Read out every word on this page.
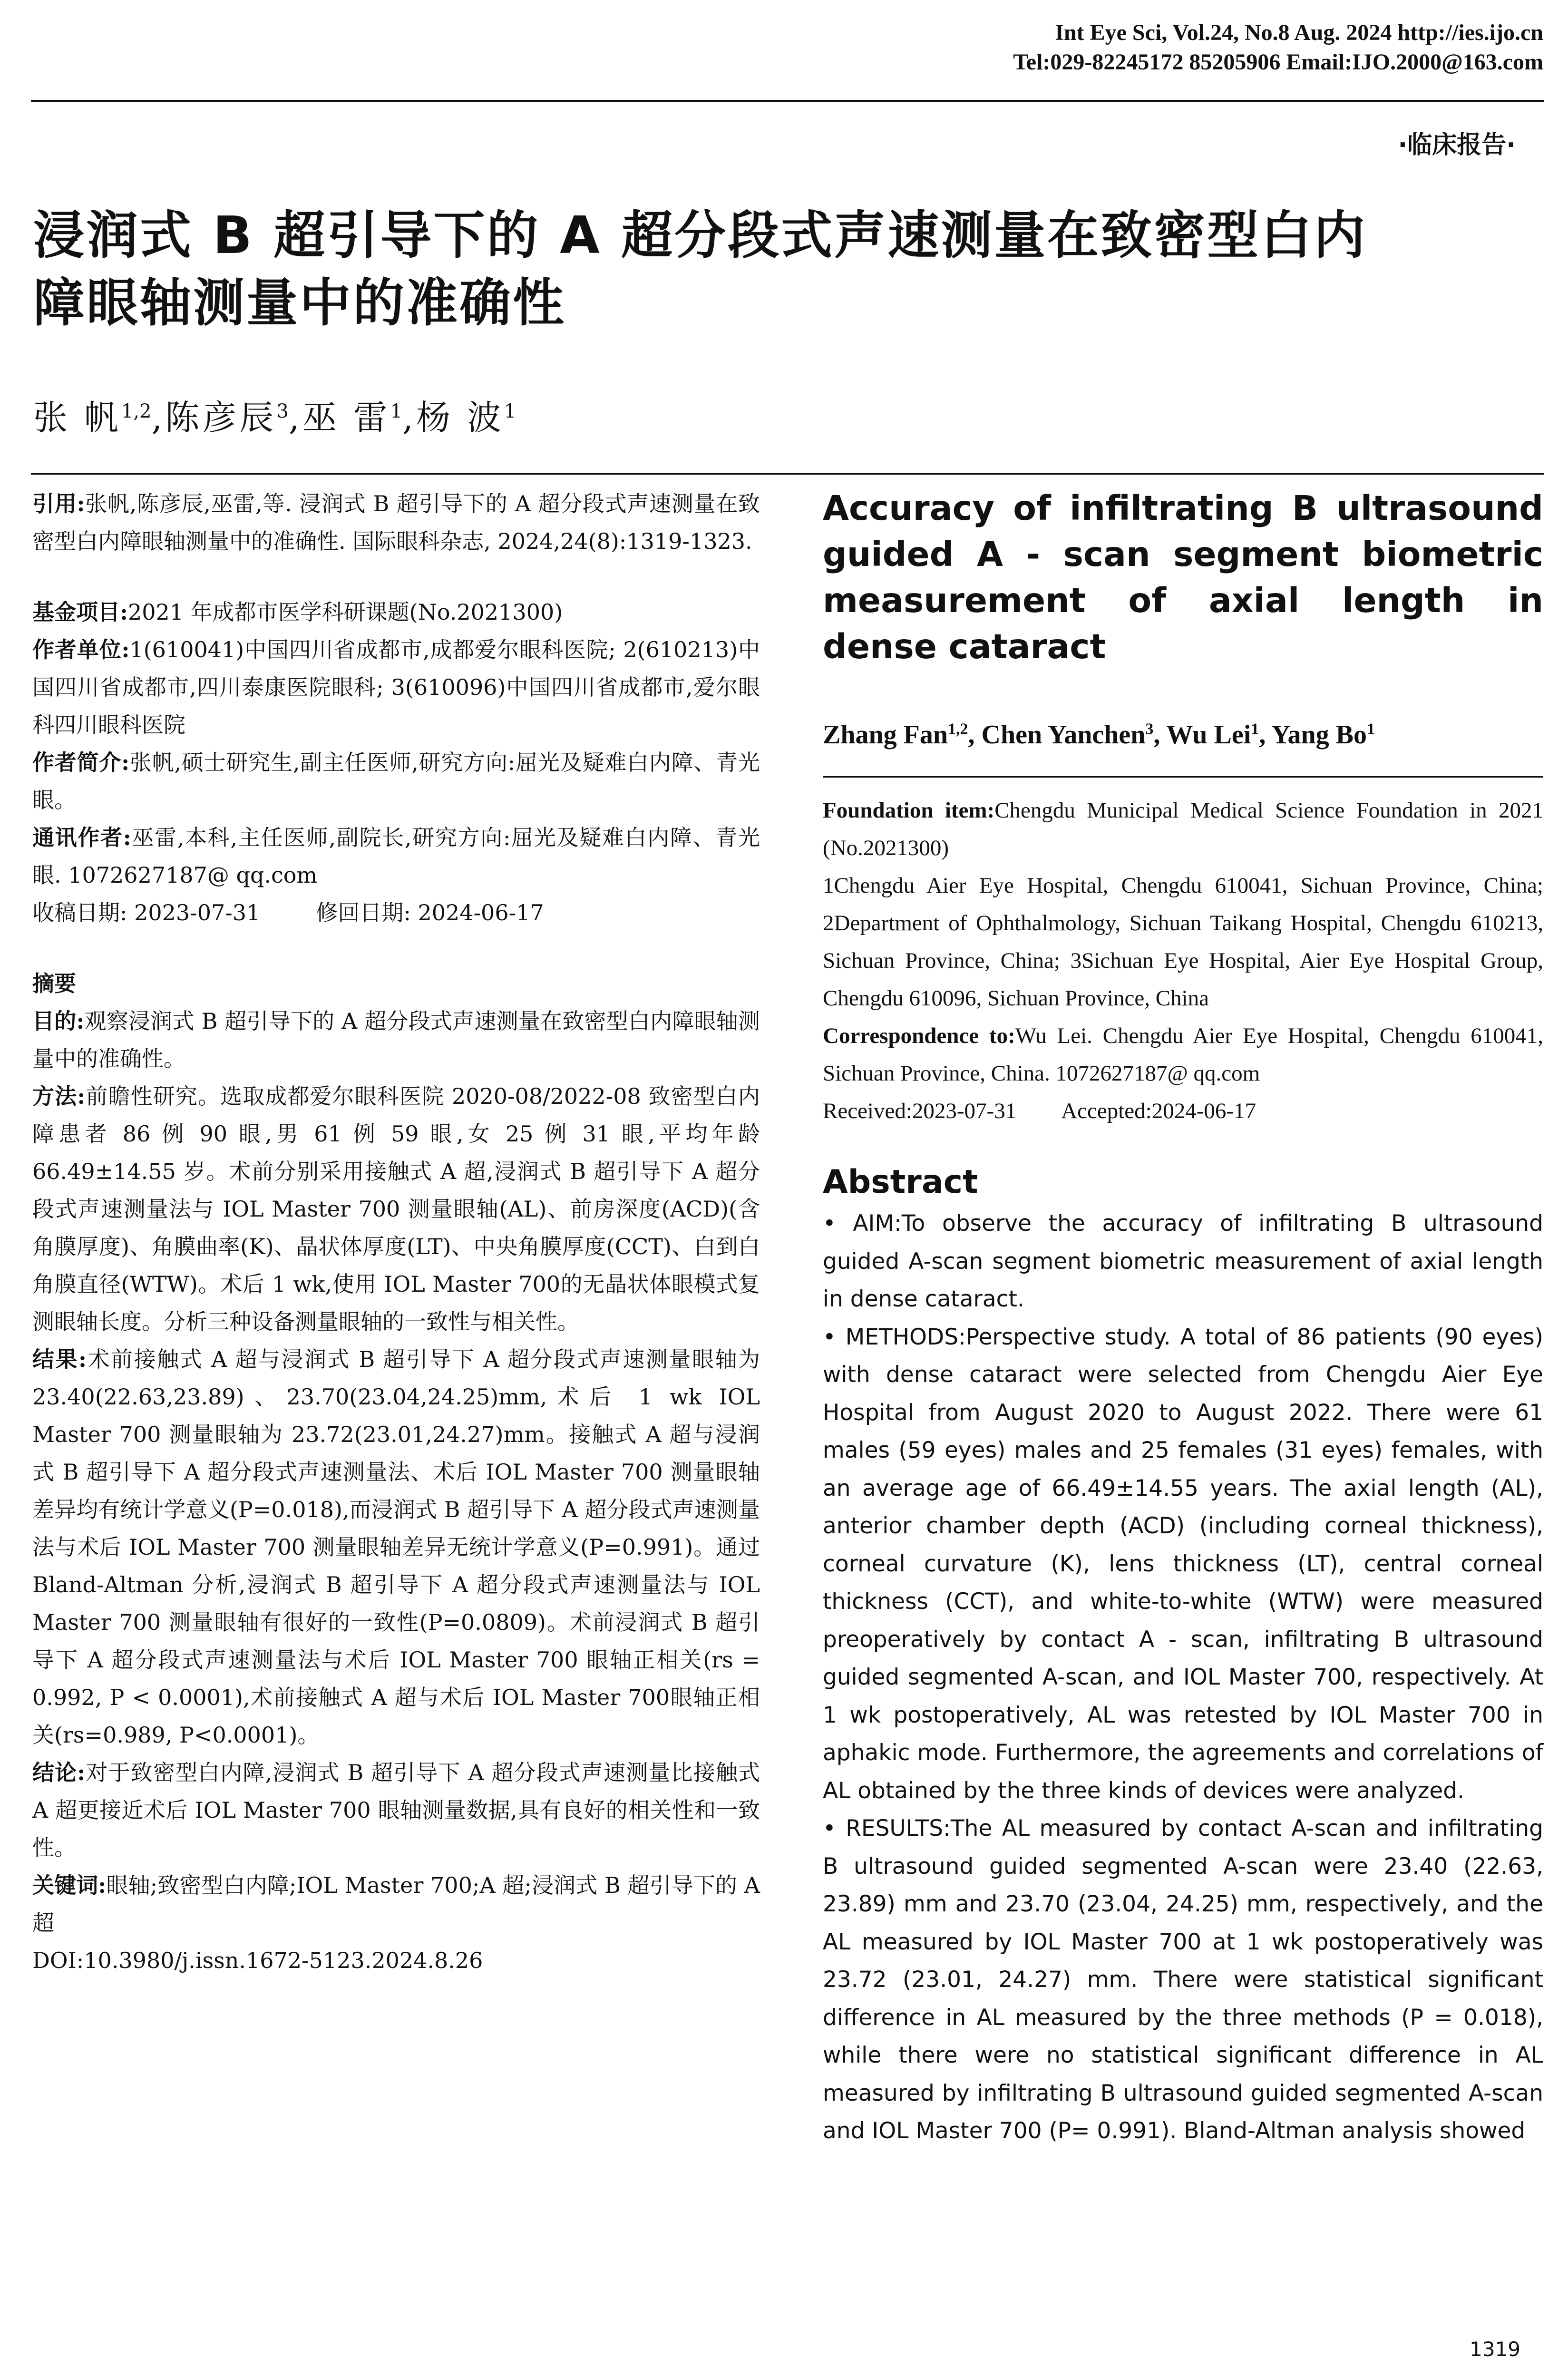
Int Eye Sci, Vol.24, No.8 Aug. 2024 http://ies.ijo.cn
Tel:029-82245172 85205906 Email:IJO.2000@163.com
·临床报告·
浸润式 B 超引导下的 A 超分段式声速测量在致密型白内
障眼轴测量中的准确性
张 帆$^{1,2}$,陈彦辰$^3$,巫 雷$^1$,杨 波$^1$

引用:张帆,陈彦辰,巫雷,等. 浸润式 B 超引导下的 A 超分段式声速测量在致密型白内障眼轴测量中的准确性. 国际眼科杂志, 2024,24(8):1319-1323.

基金项目:2021 年成都市医学科研课题(No.2021300)

作者单位:1(610041)中国四川省成都市,成都爱尔眼科医院; 2(610213)中国四川省成都市,四川泰康医院眼科; 3(610096)中国四川省成都市,爱尔眼科四川眼科医院

作者简介:张帆,硕士研究生,副主任医师,研究方向:屈光及疑难白内障、青光眼。

通讯作者:巫雷,本科,主任医师,副院长,研究方向:屈光及疑难白内障、青光眼. 1072627187@ qq.com

收稿日期: 2023-07-31	修回日期: 2024-06-17

摘要

目的:观察浸润式 B 超引导下的 A 超分段式声速测量在致密型白内障眼轴测量中的准确性。

方法:前瞻性研究。选取成都爱尔眼科医院 2020-08/2022-08 致密型白内障患者 86 例 90 眼,男 61 例 59 眼,女 25 例 31 眼,平均年龄 66.49±14.55 岁。术前分别采用接触式 A 超,浸润式 B 超引导下 A 超分段式声速测量法与 IOL Master 700 测量眼轴(AL)、前房深度(ACD)(含角膜厚度)、角膜曲率(K)、晶状体厚度(LT)、中央角膜厚度(CCT)、白到白角膜直径(WTW)。术后 1 wk,使用 IOL Master 700的无晶状体眼模式复测眼轴长度。分析三种设备测量眼轴的一致性与相关性。

结果:术前接触式 A 超与浸润式 B 超引导下 A 超分段式声速测量眼轴为 23.40(22.63,23.89)、23.70(23.04,24.25)mm,术后 1 wk IOL Master 700 测量眼轴为 23.72(23.01,24.27)mm。接触式 A 超与浸润式 B 超引导下 A 超分段式声速测量法、术后 IOL Master 700 测量眼轴差异均有统计学意义(P=0.018),而浸润式 B 超引导下 A 超分段式声速测量法与术后 IOL Master 700 测量眼轴差异无统计学意义(P=0.991)。通过 Bland-Altman 分析,浸润式 B 超引导下 A 超分段式声速测量法与 IOL Master 700 测量眼轴有很好的一致性(P=0.0809)。术前浸润式 B 超引导下 A 超分段式声速测量法与术后 IOL Master 700 眼轴正相关(rs = 0.992, P < 0.0001),术前接触式 A 超与术后 IOL Master 700眼轴正相关(rs=0.989, P<0.0001)。

结论:对于致密型白内障,浸润式 B 超引导下 A 超分段式声速测量比接触式 A 超更接近术后 IOL Master 700 眼轴测量数据,具有良好的相关性和一致性。

关键词:眼轴;致密型白内障;IOL Master 700;A 超;浸润式 B 超引导下的 A 超

DOI:10.3980/j.issn.1672-5123.2024.8.26

Accuracy of infiltrating B ultrasound guided A - scan segment biometric measurement of axial length in dense cataract
Zhang Fan$^{1,2}$, Chen Yanchen$^3$, Wu Lei$^1$, Yang Bo$^1$

Foundation item:Chengdu Municipal Medical Science Foundation in 2021 (No.2021300)

1Chengdu Aier Eye Hospital, Chengdu 610041, Sichuan Province, China; 2Department of Ophthalmology, Sichuan Taikang Hospital, Chengdu 610213, Sichuan Province, China; 3Sichuan Eye Hospital, Aier Eye Hospital Group, Chengdu 610096, Sichuan Province, China

Correspondence to:Wu Lei. Chengdu Aier Eye Hospital, Chengdu 610041, Sichuan Province, China. 1072627187@ qq.com

Received:2023-07-31 Accepted:2024-06-17

Abstract

• AIM:To observe the accuracy of infiltrating B ultrasound guided A-scan segment biometric measurement of axial length in dense cataract.

• METHODS:Perspective study. A total of 86 patients (90 eyes) with dense cataract were selected from Chengdu Aier Eye Hospital from August 2020 to August 2022. There were 61 males (59 eyes) males and 25 females (31 eyes) females, with an average age of 66.49±14.55 years. The axial length (AL), anterior chamber depth (ACD) (including corneal thickness), corneal curvature (K), lens thickness (LT), central corneal thickness (CCT), and white-to-white (WTW) were measured preoperatively by contact A - scan, infiltrating B ultrasound guided segmented A-scan, and IOL Master 700, respectively. At 1 wk postoperatively, AL was retested by IOL Master 700 in aphakic mode. Furthermore, the agreements and correlations of AL obtained by the three kinds of devices were analyzed.

• RESULTS:The AL measured by contact A-scan and infiltrating B ultrasound guided segmented A-scan were 23.40 (22.63, 23.89) mm and 23.70 (23.04, 24.25) mm, respectively, and the AL measured by IOL Master 700 at 1 wk postoperatively was 23.72 (23.01, 24.27) mm. There were statistical significant difference in AL measured by the three methods (P = 0.018), while there were no statistical significant difference in AL measured by infiltrating B ultrasound guided segmented A-scan and IOL Master 700 (P= 0.991). Bland-Altman analysis showed

1319
